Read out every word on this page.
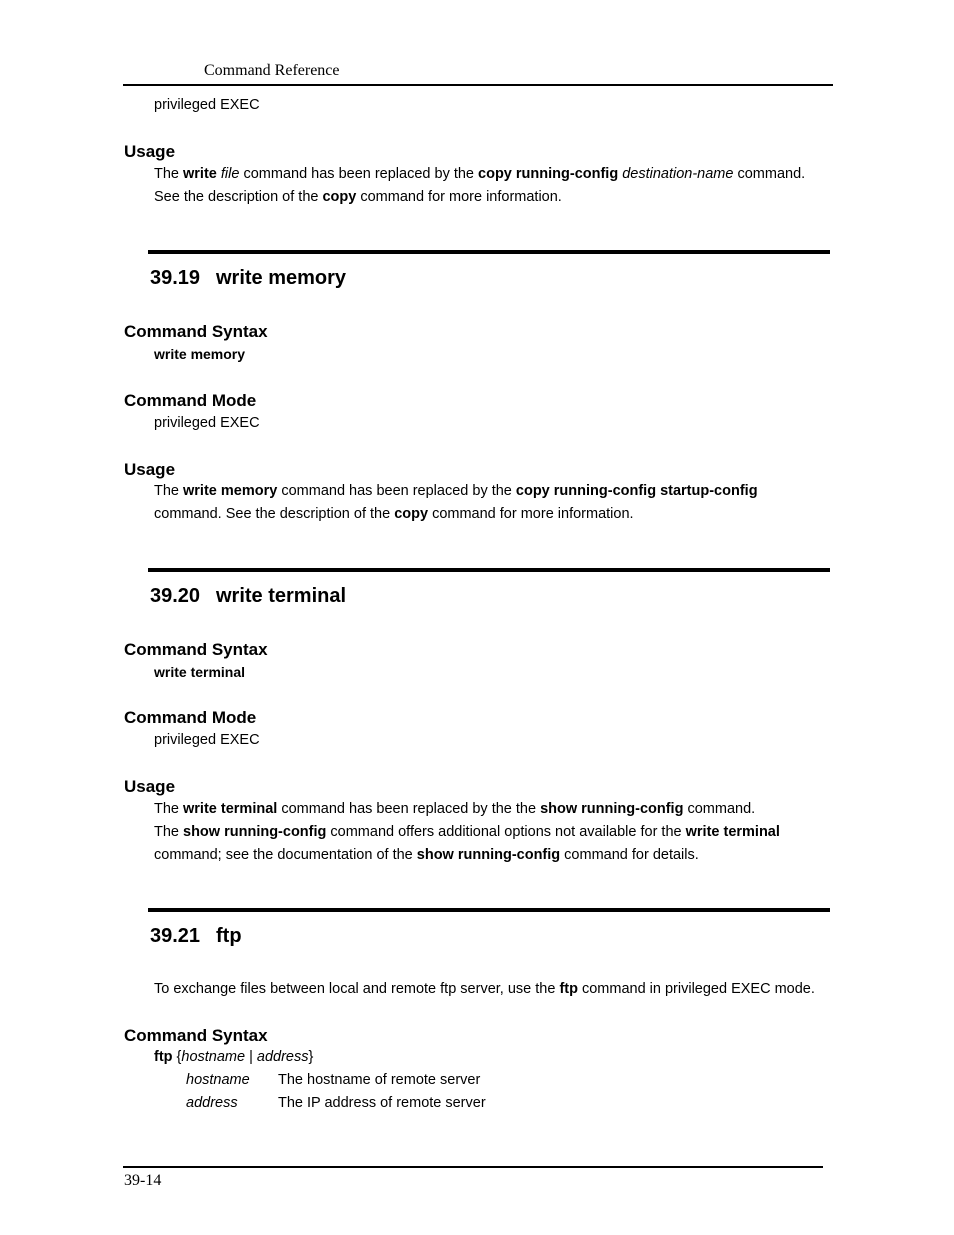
Command Reference
privileged EXEC
Usage
The write file command has been replaced by the copy running-config destination-name command.
See the description of the copy command for more information.
39.19 write memory
Command Syntax
write memory
Command Mode
privileged EXEC
Usage
The write memory command has been replaced by the copy running-config startup-config
command. See the description of the copy command for more information.
39.20 write terminal
Command Syntax
write terminal
Command Mode
privileged EXEC
Usage
The write terminal command has been replaced by the the show running-config command.
The show running-config command offers additional options not available for the write terminal
command; see the documentation of the show running-config command for details.
39.21 ftp
To exchange files between local and remote ftp server, use the ftp command in privileged EXEC mode.
Command Syntax
ftp {hostname | address}
hostname The hostname of remote server
address	The IP address of remote server
39-14
